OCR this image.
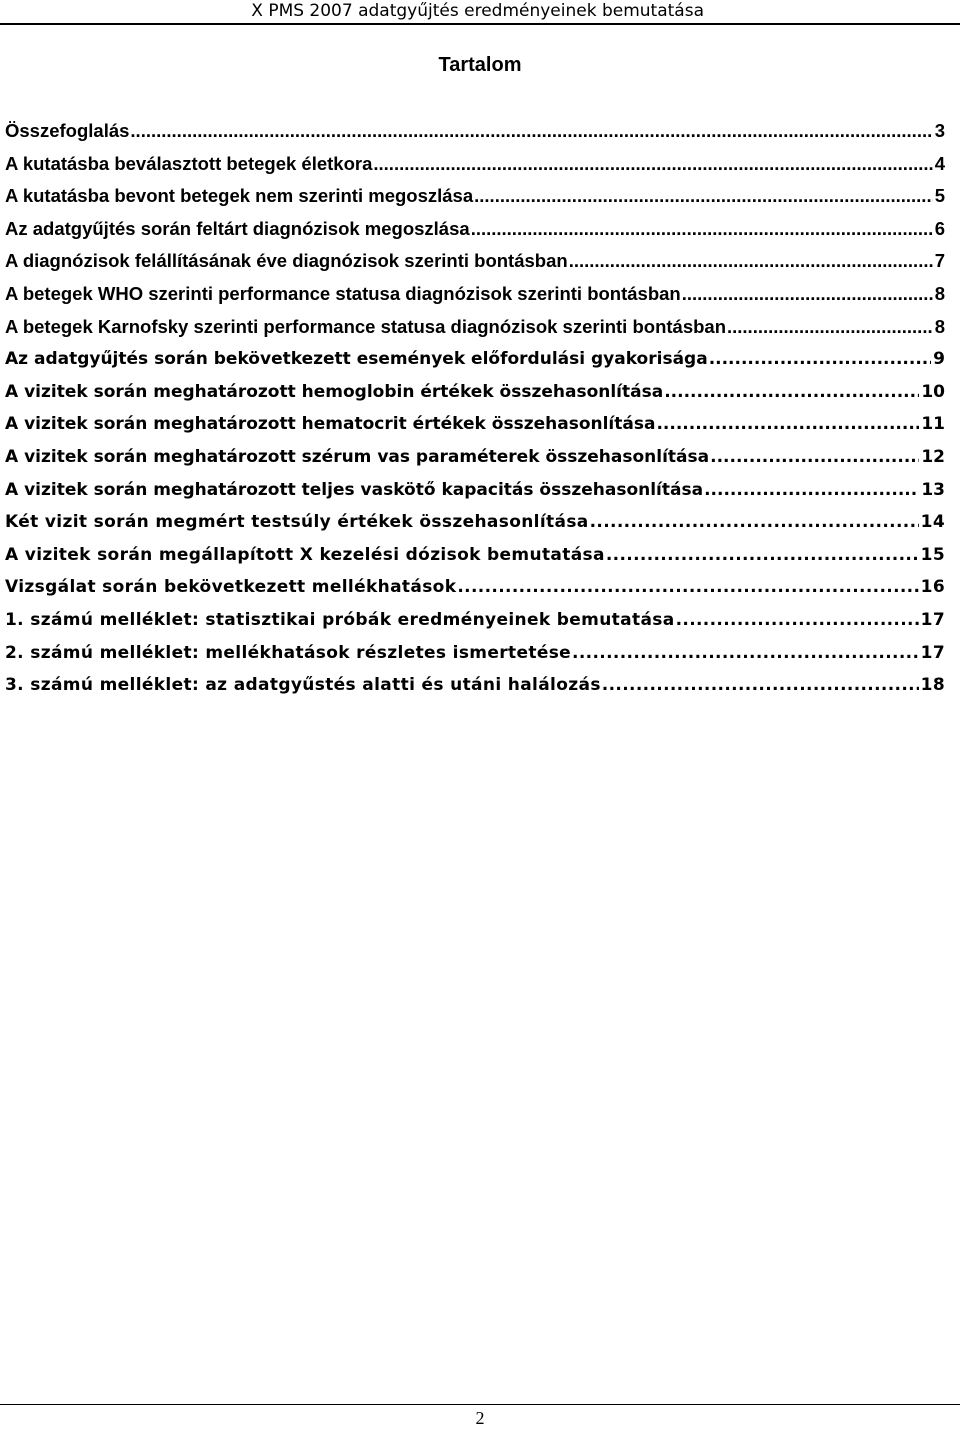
X PMS 2007 adatgyűjtés eredményeinek bemutatása
Tartalom
Összefoglalás .....	3
A kutatásba beválasztott betegek életkora .....	4
A kutatásba bevont betegek nem szerinti megoszlása .....	5
Az adatgyűjtés során feltárt diagnózisok megoszlása .....	6
A diagnózisok felállításának éve diagnózisok szerinti bontásban .....	7
A betegek WHO szerinti performance statusa diagnózisok szerinti bontásban .....	8
A betegek Karnofsky szerinti performance statusa diagnózisok szerinti bontásban .....	8
Az adatgyűjtés során bekövetkezett események előfordulási gyakorisága .....	9
A vizitek során meghatározott hemoglobin értékek összehasonlítása .....	10
A vizitek során meghatározott hematocrit értékek összehasonlítása .....	11
A vizitek során meghatározott szérum vas paraméterek összehasonlítása .....	12
A vizitek során meghatározott teljes vaskötő kapacitás összehasonlítása .....	13
Két vizit során megmért testsúly értékek összehasonlítása .....	14
A vizitek során megállapított X kezelési dózisok bemutatása .....	15
Vizsgálat során bekövetkezett mellékhatások .....	16
1. számú melléklet: statisztikai próbák eredményeinek bemutatása .....	17
2. számú melléklet: mellékhatások részletes ismertetése .....	17
3. számú melléklet: az adatgyűstés alatti és utáni halálozás .....	18
2
